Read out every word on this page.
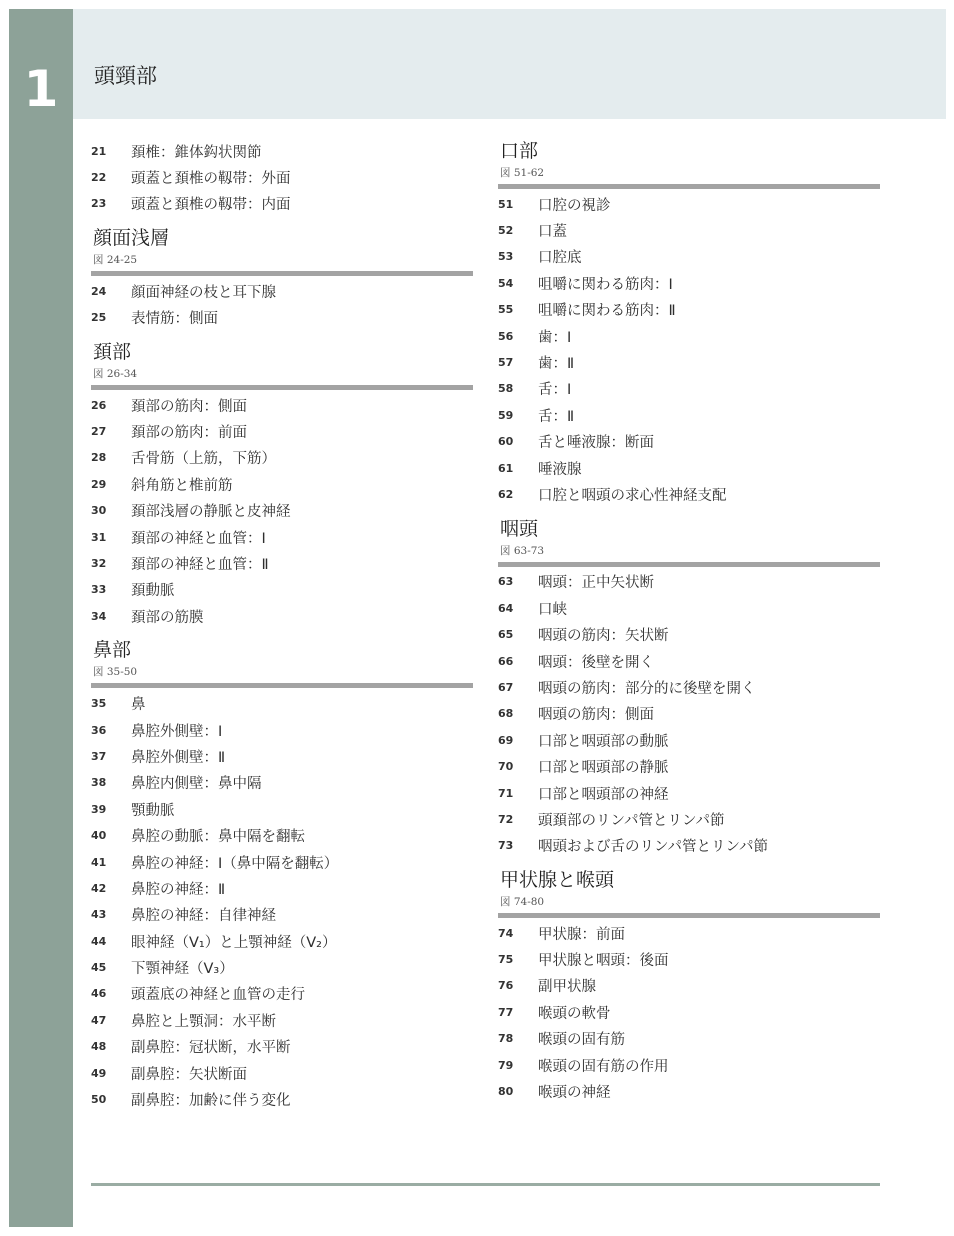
1	頭頸部
21	頚椎：錐体鈎状関節
22	頭蓋と頚椎の靱帯：外面
23	頭蓋と頚椎の靱帯：内面
顔面浅層
図 24-25
24	顔面神経の枝と耳下腺
25	表情筋：側面
頚部
図 26-34
26	頚部の筋肉：側面
27	頚部の筋肉：前面
28	舌骨筋（上筋，下筋）
29	斜角筋と椎前筋
30	頚部浅層の静脈と皮神経
31	頚部の神経と血管：Ⅰ
32	頚部の神経と血管：Ⅱ
33	頚動脈
34	頚部の筋膜
鼻部
図 35-50
35	鼻
36	鼻腔外側壁：Ⅰ
37	鼻腔外側壁：Ⅱ
38	鼻腔内側壁：鼻中隔
39	顎動脈
40	鼻腔の動脈：鼻中隔を翻転
41	鼻腔の神経：Ⅰ（鼻中隔を翻転）
42	鼻腔の神経：Ⅱ
43	鼻腔の神経：自律神経
44	眼神経（V₁）と上顎神経（V₂）
45	下顎神経（V₃）
46	頭蓋底の神経と血管の走行
47	鼻腔と上顎洞：水平断
48	副鼻腔：冠状断，水平断
49	副鼻腔：矢状断面
50	副鼻腔：加齢に伴う変化
口部
図 51-62
51	口腔の視診
52	口蓋
53	口腔底
54	咀嚼に関わる筋肉：Ⅰ
55	咀嚼に関わる筋肉：Ⅱ
56	歯：Ⅰ
57	歯：Ⅱ
58	舌：Ⅰ
59	舌：Ⅱ
60	舌と唾液腺：断面
61	唾液腺
62	口腔と咽頭の求心性神経支配
咽頭
図 63-73
63	咽頭：正中矢状断
64	口峡
65	咽頭の筋肉：矢状断
66	咽頭：後壁を開く
67	咽頭の筋肉：部分的に後壁を開く
68	咽頭の筋肉：側面
69	口部と咽頭部の動脈
70	口部と咽頭部の静脈
71	口部と咽頭部の神経
72	頭頚部のリンパ管とリンパ節
73	咽頭および舌のリンパ管とリンパ節
甲状腺と喉頭
図 74-80
74	甲状腺：前面
75	甲状腺と咽頭：後面
76	副甲状腺
77	喉頭の軟骨
78	喉頭の固有筋
79	喉頭の固有筋の作用
80	喉頭の神経
